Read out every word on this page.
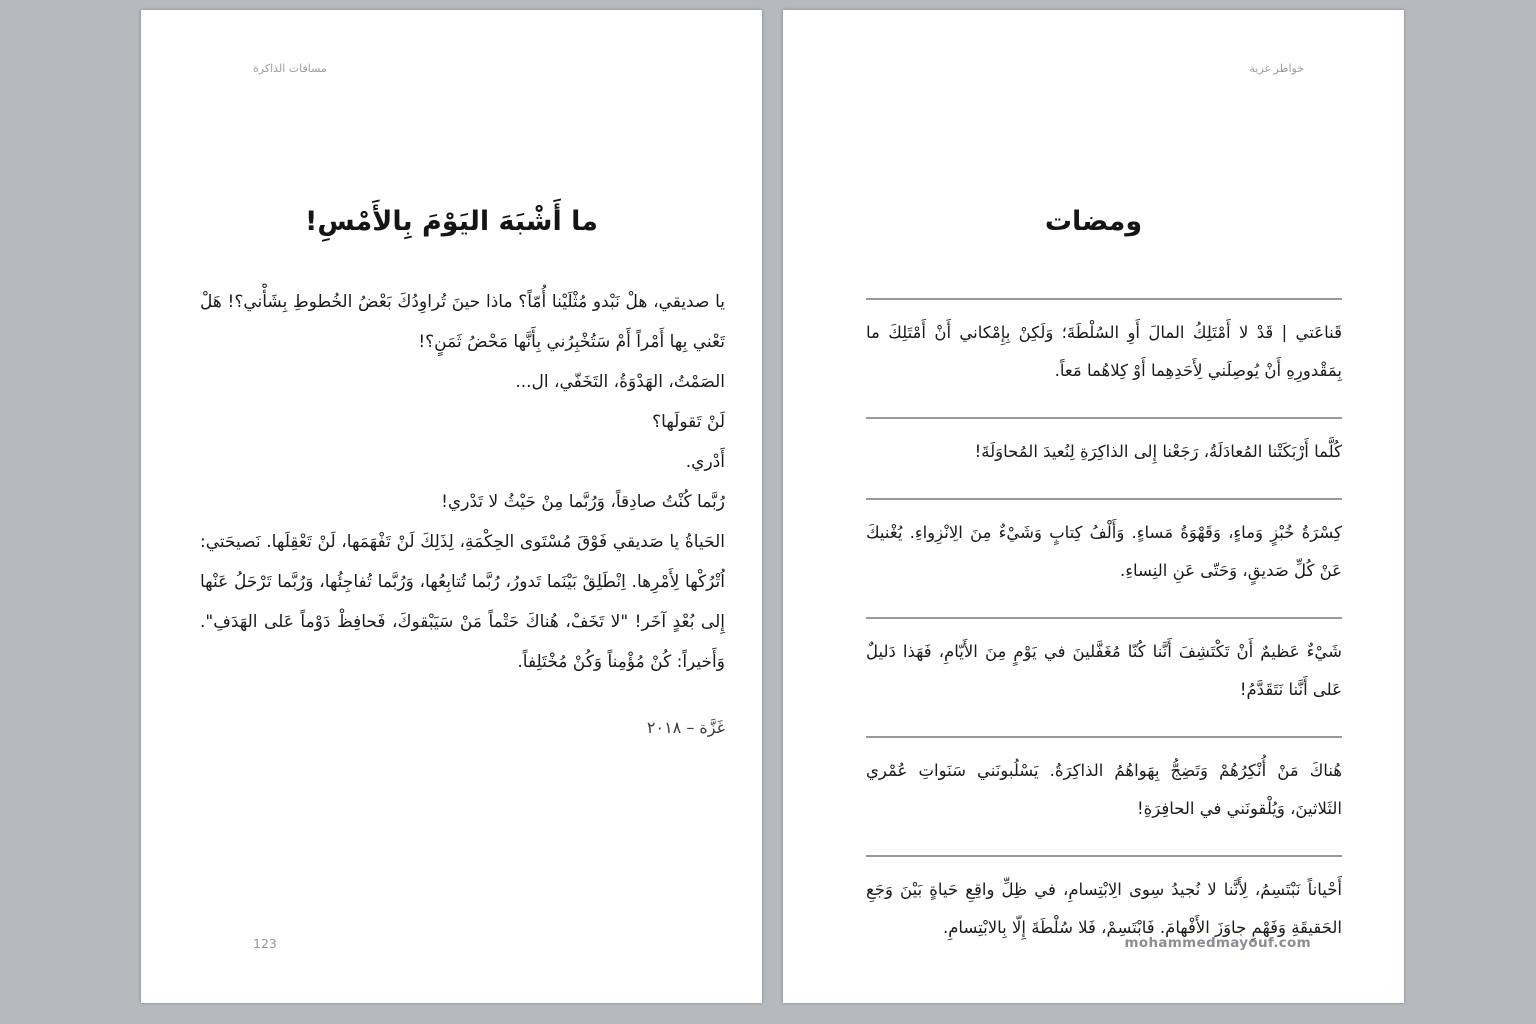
مسافات الذاكرة
ما أَشْبَهَ اليَوْمَ بِالأَمْسِ!

يا صديقي، هلْ نَبْدو مُثْلَيْنا أُمّاً؟ ماذا حينَ تُراوِدُكَ بَعْضُ الخُطوطِ بِشَأْني؟! هَلْ تَعْني بِها أَمْراً أَمْ سَتُخْبِرُني بِأَنَّها مَحْضُ ثَمَنٍ؟!

الصَمْتُ، الهَدْوَةُ، التَخَفّي، ال...

لَنْ تَقولَها؟

أَدْري.

رُبَّما كُنْتُ صادِقاً، وَرُبَّما مِنْ حَيْثُ لا تَدْري!

الحَياةُ يا صَديقي فَوْقَ مُسْتَوى الحِكْمَةِ، لِذَلِكَ لَنْ تَفْهَمَها، لَنْ تَعْقِلَها. نَصيحَتي: اُتْرُكْها لِأَمْرِها. اِنْطَلِقْ بَيْنَما تَدورُ، رُبَّما تُتابِعُها، وَرُبَّما تُفاجِئُها، وَرُبَّما تَرْحَلُ عَنْها إِلى بُعْدٍ آخَر! "لا تَخَفْ، هُناكَ حَتْماً مَنْ سَيَبْقوكَ، فَحافِظْ دَوْماً عَلى الهَدَفِ". وَأَخيراً: كُنْ مُؤْمِناً وَكُنْ مُخْتَلِفاً.

غَزَّة – ٢٠١٨
123
خواطر غزية
ومضات

قَناعَتي | قَدْ لا أَمْتَلِكُ المالَ أَوِ السُلْطَةَ؛ وَلَكِنْ بِإِمْكاني أَنْ أَمْتَلِكَ ما بِمَقْدورِهِ أَنْ يُوصِلَني لِأَحَدِهِما أَوْ كِلاهُما مَعاً.

كُلَّما أَرْبَكَتْنا المُعادَلَةُ، رَجَعْنا إِلى الذاكِرَةِ لِنُعيدَ المُحاوَلَةَ!

كِسْرَةُ خُبْزٍ وَماءٍ، وَقَهْوَةُ مَساءٍ. وَأَلْفُ كِتابٍ وَشَيْءٌ مِنَ الِانْزِواءِ. يُغْنيكَ عَنْ كُلِّ صَديقٍ، وَحَتّى عَنِ النِساءِ.

شَيْءٌ عَظيمٌ أَنْ تَكْتَشِفَ أَنَّنا كُنّا مُغَفَّلينَ في يَوْمٍ مِنَ الأَيّامِ، فَهَذا دَليلٌ عَلى أَنَّنا نَتَقَدَّمُ!

هُناكَ مَنْ أُنْكِرُهُمْ وَتَضِجُّ بِهَواهُمُ الذاكِرَةُ. يَسْلُبونَني سَنَواتِ عُمْري الثَلاثينَ، وَيُلْقونَني في الحافِرَةِ!

أَحْياناً نَبْتَسِمُ، لِأَنَّنا لا نُجيدُ سِوى الِابْتِسامِ، في ظِلِّ واقِعِ حَياةٍ بَيْنَ وَجَعِ الحَقيقَةِ وَفَهْمٍ جاوَزَ الأَفْهامَ. فَابْتَسِمْ، فَلا سُلْطَةَ إِلّا بِالابْتِسامِ.

mohammedmayouf.com
